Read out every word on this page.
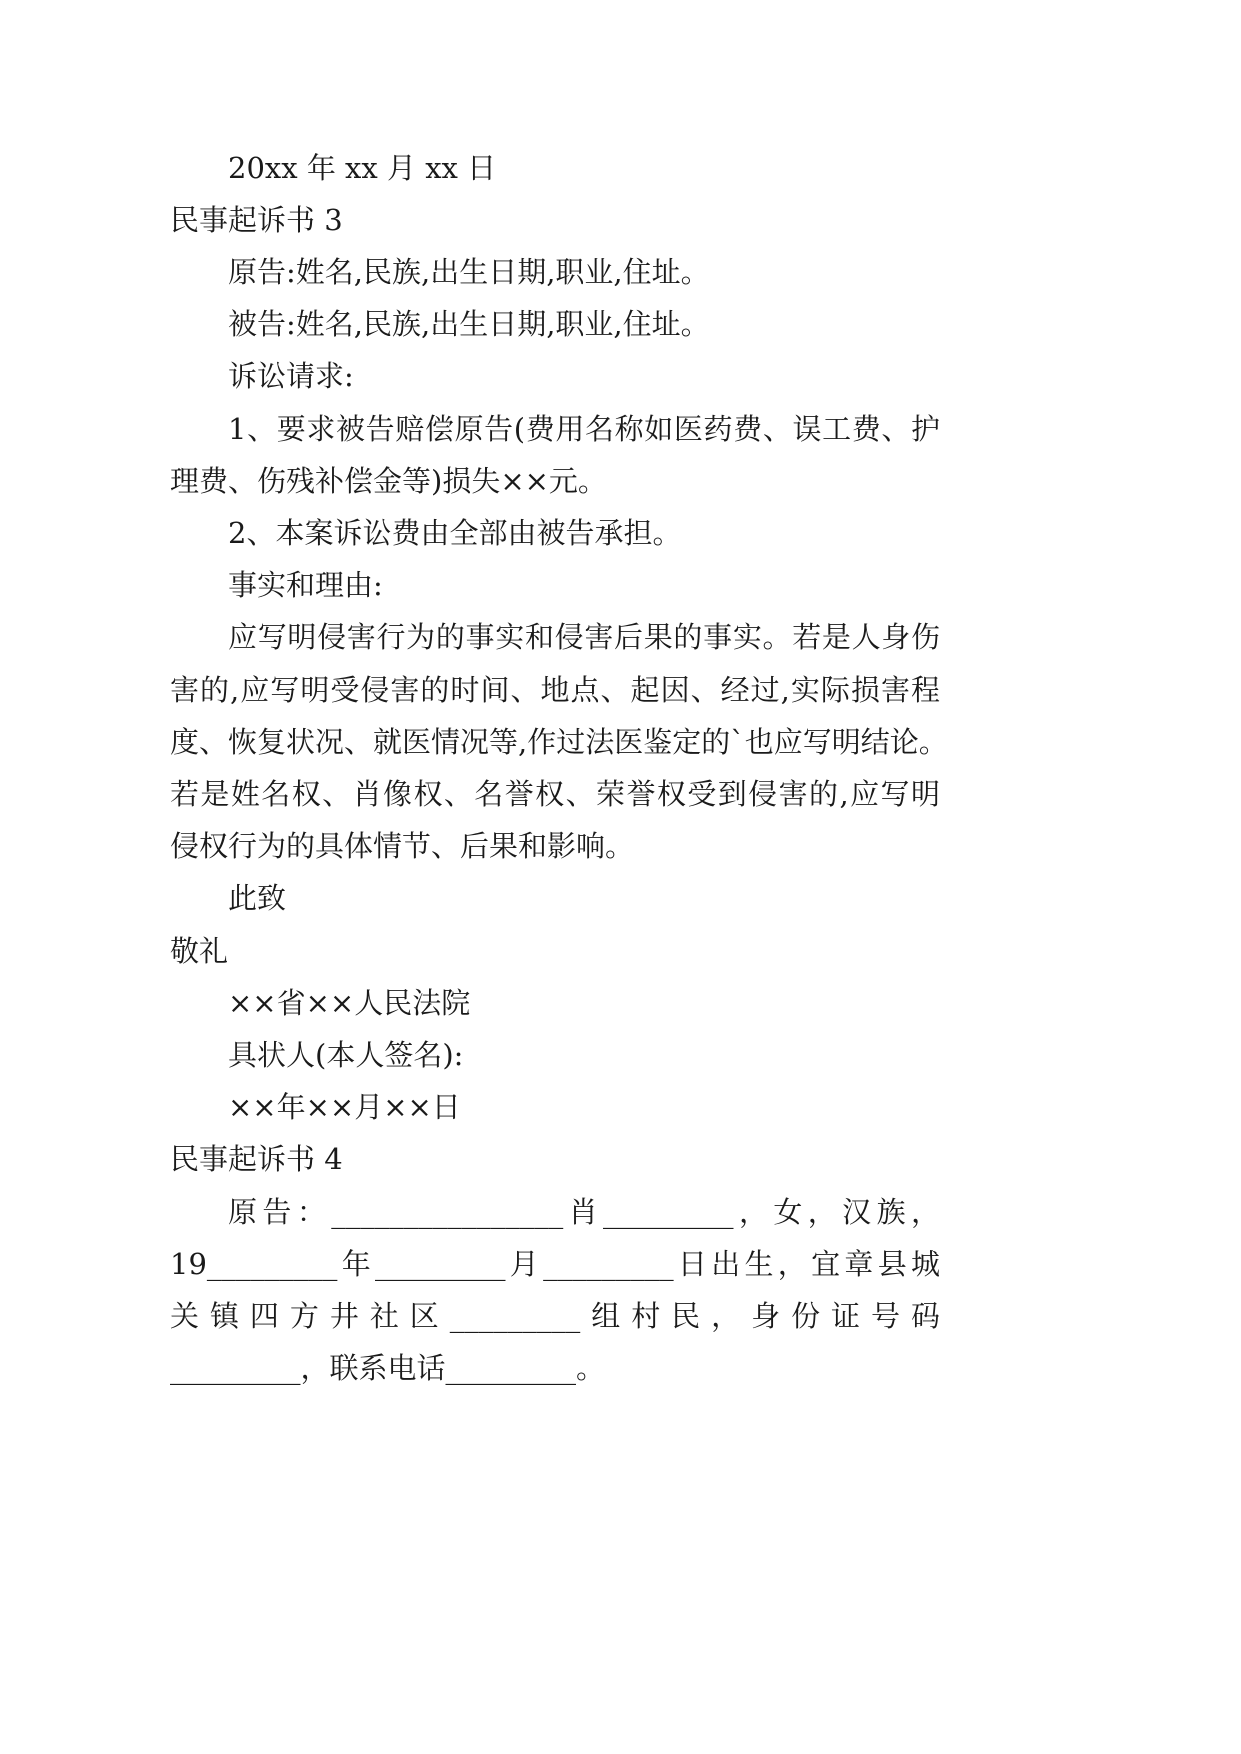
20xx 年 xx 月 xx 日
民事起诉书 3
原告:姓名,民族,出生日期,职业,住址。
被告:姓名,民族,出生日期,职业,住址。
诉讼请求:
1、要求被告赔偿原告(费用名称如医药费、误工费、护
理费、伤残补偿金等)损失××元。
2、本案诉讼费由全部由被告承担。
事实和理由:
应写明侵害行为的事实和侵害后果的事实。若是人身伤
害的,应写明受侵害的时间、地点、起因、经过,实际损害程
度、恢复状况、就医情况等,作过法医鉴定的`也应写明结论。
若是姓名权、肖像权、名誉权、荣誉权受到侵害的,应写明
侵权行为的具体情节、后果和影响。
此致
敬礼
××省××人民法院
具状人(本人签名):
××年××月××日
民事起诉书 4
原告：________________肖_________，女，汉族，
19_________年_________月_________日出生，宜章县城
关镇四方井社区_________组村民，身份证号码
_________，联系电话_________。
